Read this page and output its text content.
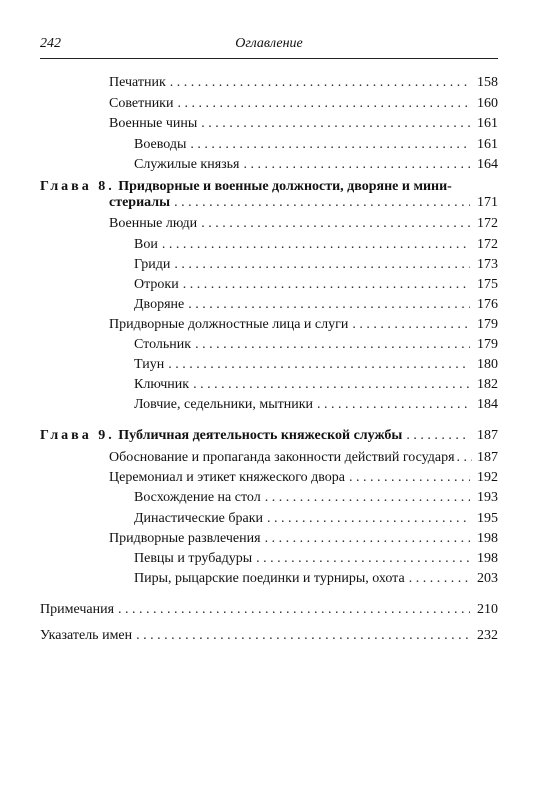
242	Оглавление
Печатник . . .	158
Советники . . .	160
Военные чины . . .	161
Воеводы . . .	161
Служилые князья . . .	164
Глава 8. Придворные и военные должности, дворяне и мини-
стериалы . . .	171
Военные люди . . .	172
Вои . . .	172
Гриди . . .	173
Отроки . . .	175
Дворяне . . .	176
Придворные должностные лица и слуги . . .	179
Стольник . . .	179
Тиун . . .	180
Ключник . . .	182
Ловчие, седельники, мытники . . .	184
Глава 9. Публичная деятельность княжеской службы . . .	187
Обоснование и пропаганда законности действий государя . . . 187
Церемониал и этикет княжеского двора . . .	192
Восхождение на стол . . .	193
Династические браки . . .	195
Придворные развлечения . . .	198
Певцы и трубадуры . . .	198
Пиры, рыцарские поединки и турниры, охота . . .	203
Примечания . . .	210
Указатель имен . . .	232
